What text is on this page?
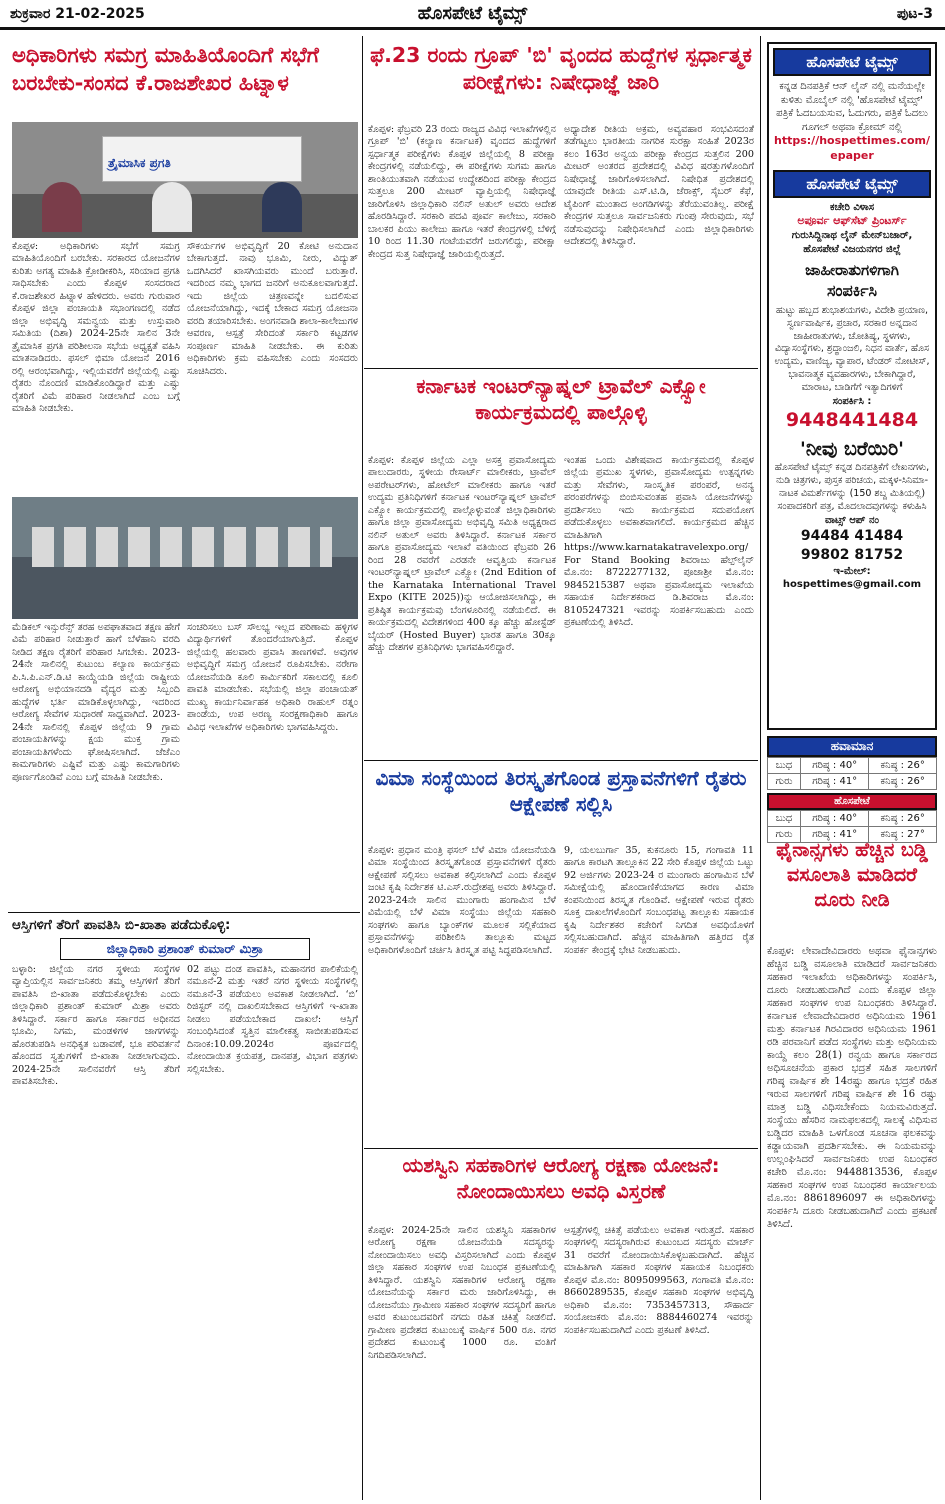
ಹೊಸಪೇಟೆ ಟೈಮ್ಸ್
ಶುಕ್ರವಾರ 21-02-2025	ಪುಟ-3
ಅಧಿಕಾರಿಗಳು ಸಮಗ್ರ ಮಾಹಿತಿಯೊಂದಿಗೆ ಸಭೆಗೆ ಬರಬೇಕು-ಸಂಸದ ಕೆ.ರಾಜಶೇಖರ ಹಿಟ್ನಾಳ
ತ್ರೈಮಾಸಿಕ ಪ್ರಗತಿ
ಕೊಪ್ಪಳ: ಅಧಿಕಾರಿಗಳು ಸಭೆಗೆ ಸಮಗ್ರ ಮಾಹಿತಿಯೊಂದಿಗೆ ಬರಬೇಕು. ಸರಕಾರದ ಯೋಜನೆಗಳ ಕುರಿತು ಅಗತ್ಯ ಮಾಹಿತಿ ಕ್ರೋಡೀಕರಿಸಿ, ಸರಿಯಾದ ಪ್ರಗತಿ ಸಾಧಿಸಬೇಕು ಎಂದು ಕೊಪ್ಪಳ ಸಂಸದರಾದ ಕೆ.ರಾಜಶೇಖರ ಹಿಟ್ನಾಳ ಹೇಳಿದರು. ಅವರು ಗುರುವಾರ ಕೊಪ್ಪಳ ಜಿಲ್ಲಾ ಪಂಚಾಯತಿ ಸಭಾಂಗಣದಲ್ಲಿ ನಡೆದ ಜಿಲ್ಲಾ ಅಭಿವೃದ್ಧಿ ಸಮನ್ವಯ ಮತ್ತು ಉಸ್ತುವಾರಿ ಸಮಿತಿಯ (ದಿಶಾ) 2024-25ನೇ ಸಾಲಿನ 3ನೇ ತ್ರೈಮಾಸಿಕ ಪ್ರಗತಿ ಪರಿಶೀಲನಾ ಸಭೆಯ ಅಧ್ಯಕ್ಷತೆ ವಹಿಸಿ ಮಾತನಾಡಿದರು. ಫಸಲ್ ಭಿಮಾ ಯೋಜನೆ 2016 ರಲ್ಲಿ ಆರಂಭವಾಗಿದ್ದು, ಇಲ್ಲಿಯವರೆಗೆ ಜಿಲ್ಲೆಯಲ್ಲಿ ಎಷ್ಟು ರೈತರು ನೊಂದಣಿ ಮಾಡಿಕೊಂಡಿದ್ದಾರೆ ಮತ್ತು ಎಷ್ಟು ರೈತರಿಗೆ ವಿಮೆ ಪರಿಹಾರ ನೀಡಲಾಗಿದೆ ಎಂಬ ಬಗ್ಗೆ ಮಾಹಿತಿ ನೀಡಬೇಕು.
ಸೌಕರ್ಯಗಳ ಅಭಿವೃದ್ಧಿಗೆ 20 ಕೋಟಿ ಅನುದಾನ ಬೇಕಾಗುತ್ತದೆ. ನಾವು ಭೂಮಿ, ನೀರು, ವಿದ್ಯುತ್ ಒದಗಿಸಿದರೆ ಖಾಸಗಿಯವರು ಮುಂದೆ ಬರುತ್ತಾರೆ. ಇದರಿಂದ ನಮ್ಮ ಭಾಗದ ಜನರಿಗೆ ಅನುಕೂಲವಾಗುತ್ತದೆ. ಇದು ಜಿಲ್ಲೆಯ ಚಿತ್ರಣವನ್ನೇ ಬದಲಿಸುವ ಯೋಜನೆಯಾಗಿದ್ದು, ಇದಕ್ಕೆ ಬೇಕಾದ ಸಮಗ್ರ ಯೋಜನಾ ವರದಿ ತಯಾರಿಸಬೇಕು. ಅಂಗನವಾಡಿ ಶಾಲಾ-ಕಾಲೇಜುಗಳ ಆವರಣ, ಆಸ್ಪತ್ರೆ ಸೇರಿದಂತೆ ಸರ್ಕಾರಿ ಕಟ್ಟಡಗಳ ಸಂಪೂರ್ಣ ಮಾಹಿತಿ ನೀಡಬೇಕು. ಈ ಕುರಿತು ಅಧಿಕಾರಿಗಳು ಕ್ರಮ ವಹಿಸಬೇಕು ಎಂದು ಸಂಸದರು ಸೂಚಿಸಿದರು.
ಮೆಡಿಕಲ್ ಇನ್ಸುರೆನ್ಸ್ ತರಹ ಅಪಘಾತವಾದ ತಕ್ಷಣ ಹೇಗೆ ವಿಮೆ ಪರಿಹಾರ ನೀಡುತ್ತಾರೆ ಹಾಗೆ ಬೆಳೆಹಾನಿ ವರದಿ ನೀಡಿದ ತಕ್ಷಣ ರೈತರಿಗೆ ಪರಿಹಾರ ಸಿಗಬೇಕು. 2023-24ನೇ ಸಾಲಿನಲ್ಲಿ ಕುಟುಂಬ ಕಲ್ಯಾಣ ಕಾರ್ಯಕ್ರಮ ಪಿ.ಸಿ.ಪಿ.ಎನ್.ಡಿ.ಟಿ ಕಾಯ್ದೆಯಡಿ ಜಿಲ್ಲೆಯ ರಾಷ್ಟ್ರೀಯ ಆರೋಗ್ಯ ಅಭಿಯಾನದಡಿ ವೈದ್ಯರ ಮತ್ತು ಸಿಬ್ಬಂದಿ ಹುದ್ದೆಗಳ ಭರ್ತಿ ಮಾಡಿಕೊಳ್ಳಲಾಗಿದ್ದು, ಇದರಿಂದ ಆರೋಗ್ಯ ಸೇವೆಗಳ ಸುಧಾರಣೆ ಸಾಧ್ಯವಾಗಿದೆ. 2023-24ನೇ ಸಾಲಿನಲ್ಲಿ ಕೊಪ್ಪಳ ಜಿಲ್ಲೆಯ 9 ಗ್ರಾಮ ಪಂಚಾಯತಿಗಳನ್ನು ಕ್ಷಯ ಮುಕ್ತ ಗ್ರಾಮ ಪಂಚಾಯತಿಗಳೆಂದು ಘೋಷಿಸಲಾಗಿದೆ. ಜೆಜೆಎಂ ಕಾಮಗಾರಿಗಳು ಎಷ್ಟಿವೆ ಮತ್ತು ಎಷ್ಟು ಕಾಮಗಾರಿಗಳು ಪೂರ್ಣಗೊಂಡಿವೆ ಎಂಬ ಬಗ್ಗೆ ಮಾಹಿತಿ ನೀಡಬೇಕು.
ಸಂಚರಿಸಲು ಬಸ್ ಸೌಲಭ್ಯ ಇಲ್ಲದ ಪರಿಣಾಮ ಹಳ್ಳಿಗಳ ವಿದ್ಯಾರ್ಥಿಗಳಿಗೆ ತೊಂದರೆಯಾಗುತ್ತಿದೆ. ಕೊಪ್ಪಳ ಜಿಲ್ಲೆಯಲ್ಲಿ ಹಲವಾರು ಪ್ರವಾಸಿ ತಾಣಗಳಿವೆ. ಅವುಗಳ ಅಭಿವೃದ್ಧಿಗೆ ಸಮಗ್ರ ಯೋಜನೆ ರೂಪಿಸಬೇಕು. ನರೇಗಾ ಯೋಜನೆಯಡಿ ಕೂಲಿ ಕಾರ್ಮಿಕರಿಗೆ ಸಕಾಲದಲ್ಲಿ ಕೂಲಿ ಪಾವತಿ ಮಾಡಬೇಕು. ಸಭೆಯಲ್ಲಿ ಜಿಲ್ಲಾ ಪಂಚಾಯತ್ ಮುಖ್ಯ ಕಾರ್ಯನಿರ್ವಾಹಕ ಅಧಿಕಾರಿ ರಾಹುಲ್ ರತ್ನಂ ಪಾಂಡೆಯ, ಉಪ ಅರಣ್ಯ ಸಂರಕ್ಷಣಾಧಿಕಾರಿ ಹಾಗೂ ವಿವಿಧ ಇಲಾಖೆಗಳ ಅಧಿಕಾರಿಗಳು ಭಾಗವಹಿಸಿದ್ದರು.
ಆಸ್ತಿಗಳಿಗೆ ತೆರಿಗೆ ಪಾವತಿಸಿ ಬಿ-ಖಾತಾ ಪಡೆದುಕೊಳ್ಳಿ:
ಜಿಲ್ಲಾಧಿಕಾರಿ ಪ್ರಶಾಂತ್ ಕುಮಾರ್ ಮಿಶ್ರಾ
ಬಳ್ಳಾರಿ: ಜಿಲ್ಲೆಯ ನಗರ ಸ್ಥಳೀಯ ಸಂಸ್ಥೆಗಳ ವ್ಯಾಪ್ತಿಯಲ್ಲಿನ ಸಾರ್ವಜನಿಕರು ತಮ್ಮ ಆಸ್ತಿಗಳಿಗೆ ತೆರಿಗೆ ಪಾವತಿಸಿ ಬಿ-ಖಾತಾ ಪಡೆದುಕೊಳ್ಳಬೇಕು ಎಂದು ಜಿಲ್ಲಾಧಿಕಾರಿ ಪ್ರಶಾಂತ್ ಕುಮಾರ್ ಮಿಶ್ರಾ ಅವರು ತಿಳಿಸಿದ್ದಾರೆ. ಸರ್ಕಾರ ಹಾಗೂ ಸರ್ಕಾರದ ಅಧೀನದ ಭೂಮಿ, ನಿಗಮ, ಮಂಡಳಿಗಳ ಜಾಗಗಳನ್ನು ಹೊರತುಪಡಿಸಿ ಅನಧಿಕೃತ ಬಡಾವಣೆ, ಭೂ ಪರಿವರ್ತನೆ ಹೊಂದದ ಸ್ವತ್ತುಗಳಿಗೆ ಬಿ-ಖಾತಾ ನೀಡಲಾಗುವುದು. 2024-25ನೇ ಸಾಲಿನವರೆಗೆ ಆಸ್ತಿ ತೆರಿಗೆ ಪಾವತಿಸಬೇಕು.
02 ಪಟ್ಟು ದಂಡ ಪಾವತಿಸಿ, ಮಹಾನಗರ ಪಾಲಿಕೆಯಲ್ಲಿ ನಮೂನೆ-2 ಮತ್ತು ಇತರೆ ನಗರ ಸ್ಥಳೀಯ ಸಂಸ್ಥೆಗಳಲ್ಲಿ ನಮೂನೆ-3 ಪಡೆಯಲು ಅವಕಾಶ ನೀಡಲಾಗಿದೆ. ‘ಬಿ’ ರಿಜಿಸ್ಟರ್ ನಲ್ಲಿ ದಾಖಲಿಸಬೇಕಾದ ಆಸ್ತಿಗಳಿಗೆ ಇ-ಖಾತಾ ನೀಡಲು ಪಡೆಯಬೇಕಾದ ದಾಖಲೆ: ಆಸ್ತಿಗೆ ಸಂಬಂಧಿಸಿದಂತೆ ಸ್ವತ್ತಿನ ಮಾಲೀಕತ್ವ ಸಾಬೀತುಪಡಿಸುವ ದಿನಾಂಕ:10.09.2024ರ ಪೂರ್ವದಲ್ಲಿ ನೋಂದಾಯಿತ ಕ್ರಯಪತ್ರ, ದಾನಪತ್ರ, ವಿಭಾಗ ಪತ್ರಗಳು ಸಲ್ಲಿಸಬೇಕು.
ಫೆ.23 ರಂದು ಗ್ರೂಪ್ 'ಬಿ' ವೃಂದದ ಹುದ್ದೆಗಳ ಸ್ಪರ್ಧಾತ್ಮಕ ಪರೀಕ್ಷೆಗಳು: ನಿಷೇಧಾಜ್ಞೆ ಜಾರಿ
ಕೊಪ್ಪಳ: ಫೆಬ್ರವರಿ 23 ರಂದು ರಾಜ್ಯದ ವಿವಿಧ ಇಲಾಖೆಗಳಲ್ಲಿನ ಗ್ರೂಪ್ 'ಬಿ' (ಕಲ್ಯಾಣ ಕರ್ನಾಟಕ) ವೃಂದದ ಹುದ್ದೆಗಳಿಗೆ ಸ್ಪರ್ಧಾತ್ಮಕ ಪರೀಕ್ಷೆಗಳು ಕೊಪ್ಪಳ ಜಿಲ್ಲೆಯಲ್ಲಿ 8 ಪರೀಕ್ಷಾ ಕೇಂದ್ರಗಳಲ್ಲಿ ನಡೆಯಲಿದ್ದು, ಈ ಪರೀಕ್ಷೆಗಳು ಸುಗಮ ಹಾಗೂ ಶಾಂತಿಯುತವಾಗಿ ನಡೆಯುವ ಉದ್ದೇಶದಿಂದ ಪರೀಕ್ಷಾ ಕೇಂದ್ರದ ಸುತ್ತಲೂ 200 ಮೀಟರ್ ವ್ಯಾಪ್ತಿಯಲ್ಲಿ ನಿಷೇಧಾಜ್ಞೆ ಜಾರಿಗೊಳಿಸಿ ಜಿಲ್ಲಾಧಿಕಾರಿ ನಲಿನ್ ಅತುಲ್ ಅವರು ಆದೇಶ ಹೊರಡಿಸಿದ್ದಾರೆ. ಸರಕಾರಿ ಪದವಿ ಪೂರ್ವ ಕಾಲೇಜು, ಸರಕಾರಿ ಬಾಲಕರ ಪಿಯು ಕಾಲೇಜು ಹಾಗೂ ಇತರೆ ಕೇಂದ್ರಗಳಲ್ಲಿ ಬೆಳಿಗ್ಗೆ 10 ರಿಂದ 11.30 ಗಂಟೆಯವರೆಗೆ ಜರುಗಲಿದ್ದು, ಪರೀಕ್ಷಾ ಕೇಂದ್ರದ ಸುತ್ತ ನಿಷೇಧಾಜ್ಞೆ ಜಾರಿಯಲ್ಲಿರುತ್ತದೆ.
ಅಧ್ಯಾದೇಶ ರೀತಿಯ ಅಕ್ರಮ, ಅವ್ಯವಹಾರ ಸಂಭವಿಸದಂತೆ ತಡೆಗಟ್ಟಲು ಭಾರತೀಯ ನಾಗರಿಕ ಸುರಕ್ಷಾ ಸಂಹಿತೆ 2023ರ ಕಲಂ 163ರ ಅನ್ವಯ ಪರೀಕ್ಷಾ ಕೇಂದ್ರದ ಸುತ್ತಲಿನ 200 ಮೀಟರ್ ಅಂತರದ ಪ್ರದೇಶದಲ್ಲಿ ವಿವಿಧ ಷರತ್ತುಗಳೊಂದಿಗೆ ನಿಷೇಧಾಜ್ಞೆ ಜಾರಿಗೊಳಿಸಲಾಗಿದೆ. ನಿಷೇಧಿತ ಪ್ರದೇಶದಲ್ಲಿ ಯಾವುದೇ ರೀತಿಯ ಎಸ್.ಟಿ.ಡಿ, ಜೆರಾಕ್ಸ್, ಸೈಬರ್ ಕೆಫೆ, ಟೈಪಿಂಗ್ ಮುಂತಾದ ಅಂಗಡಿಗಳನ್ನು ತೆರೆಯುವಂತಿಲ್ಲ. ಪರೀಕ್ಷೆ ಕೇಂದ್ರಗಳ ಸುತ್ತಲೂ ಸಾರ್ವಜನಿಕರು ಗುಂಪು ಸೇರುವುದು, ಸಭೆ ನಡೆಸುವುದನ್ನು ನಿಷೇಧಿಸಲಾಗಿದೆ ಎಂದು ಜಿಲ್ಲಾಧಿಕಾರಿಗಳು ಆದೇಶದಲ್ಲಿ ತಿಳಿಸಿದ್ದಾರೆ.
ಕರ್ನಾಟಕ ಇಂಟರ್‌ನ್ಯಾಷ್ನಲ್ ಟ್ರಾವೆಲ್ ಎಕ್ಸ್ಪೋ ಕಾರ್ಯಕ್ರಮದಲ್ಲಿ ಪಾಲ್ಗೊಳ್ಳಿ
ಕೊಪ್ಪಳ: ಕೊಪ್ಪಳ ಜಿಲ್ಲೆಯ ಎಲ್ಲಾ ಅಸಕ್ತ ಪ್ರವಾಸೋದ್ಯಮ ಪಾಲುದಾರರು, ಸ್ಥಳೀಯ ರೇಸಾರ್ಟ್ ಮಾಲೀಕರು, ಟ್ರಾವೆಲ್ ಅಪರೇಟರ್‌ಗಳು, ಹೋಟೆಲ್ ಮಾಲೀಕರು ಹಾಗೂ ಇತರೆ ಉದ್ಯಮ ಪ್ರತಿನಿಧಿಗಳಿಗೆ ಕರ್ನಾಟಕ ಇಂಟರ್‌ನ್ಯಾಷ್ನಲ್ ಟ್ರಾವೆಲ್ ಎಕ್ಸ್ಪೋ ಕಾರ್ಯಕ್ರಮದಲ್ಲಿ ಪಾಲ್ಗೊಳ್ಳುವಂತೆ ಜಿಲ್ಲಾಧಿಕಾರಿಗಳು ಹಾಗೂ ಜಿಲ್ಲಾ ಪ್ರವಾಸೋದ್ಯಮ ಅಭಿವೃದ್ಧಿ ಸಮಿತಿ ಅಧ್ಯಕ್ಷರಾದ ನಲಿನ್ ಅತುಲ್ ಅವರು ತಿಳಿಸಿದ್ದಾರೆ. ಕರ್ನಾಟಕ ಸರ್ಕಾರ ಹಾಗೂ ಪ್ರವಾಸೋದ್ಯಮ ಇಲಾಖೆ ವತಿಯಿಂದ ಫೆಬ್ರವರಿ 26 ರಿಂದ 28 ರವರೆಗೆ ಎರಡನೇ ಆವೃತ್ತಿಯ ಕರ್ನಾಟಕ ಇಂಟರ್‌ನ್ಯಾಷ್ನಲ್ ಟ್ರಾವೆಲ್ ಎಕ್ಸ್ಪೋ (2nd Edition of the Karnataka International Travel Expo (KITE 2025))ನ್ನು ಆಯೋಜಿಸಲಾಗಿದ್ದು, ಈ ಪ್ರತಿಷ್ಠಿತ ಕಾರ್ಯಕ್ರಮವು ಬೆಂಗಳೂರಿನಲ್ಲಿ ನಡೆಯಲಿದೆ. ಈ ಕಾರ್ಯಕ್ರಮದಲ್ಲಿ ವಿದೇಶಗಳಿಂದ 400 ಕ್ಕೂ ಹೆಚ್ಚು ಹೋಸ್ಟೆಡ್ ಬೈಯರ್ (Hosted Buyer) ಭಾರತ ಹಾಗೂ 30ಕ್ಕೂ ಹೆಚ್ಚು ದೇಶಗಳ ಪ್ರತಿನಿಧಿಗಳು ಭಾಗವಹಿಸಲಿದ್ದಾರೆ.
ಇಂತಹ ಒಂದು ವಿಶೇಷವಾದ ಕಾರ್ಯಕ್ರಮದಲ್ಲಿ ಕೊಪ್ಪಳ ಜಿಲ್ಲೆಯ ಪ್ರಮುಖ ಸ್ಥಳಗಳು, ಪ್ರವಾಸೋದ್ಯಮ ಉತ್ಪನ್ನಗಳು ಮತ್ತು ಸೇವೆಗಳು, ಸಾಂಸ್ಕೃತಿಕ ಪರಂಪರೆ, ಅನನ್ಯ ಪರಂಪರೆಗಳನ್ನು ಬಿಂಬಿಸುವಂತಹ ಪ್ರವಾಸಿ ಯೋಜನೆಗಳನ್ನು ಪ್ರದರ್ಶಿಸಲು ಇದು ಕಾರ್ಯಕ್ರಮದ ಸದುಪಯೋಗ ಪಡೆದುಕೊಳ್ಳಲು ಅವಕಾಶವಾಗಲಿದೆ. ಕಾರ್ಯಕ್ರಮದ ಹೆಚ್ಚಿನ ಮಾಹಿತಿಗಾಗಿ https://www.karnatakatravelexpo.org/ For Stand Booking ಶಿವರಾಜು ಹೆಲ್ಪ್‌ಲೈನ್ ಮೊ.ನಂ: 8722277132, ಪೂಜಾಶ್ರೀ ಮೊ.ನಂ: 9845215387 ಅಥವಾ ಪ್ರವಾಸೋದ್ಯಮ ಇಲಾಖೆಯ ಸಹಾಯಕ ನಿರ್ದೇಶಕರಾದ ಡಿ.ಶಿವರಾಜ ಮೊ.ನಂ: 8105247321 ಇವರನ್ನು ಸಂಪರ್ಕಿಸಬಹುದು ಎಂದು ಪ್ರಕಟಣೆಯಲ್ಲಿ ತಿಳಿಸಿದೆ.
ವಿಮಾ ಸಂಸ್ಥೆಯಿಂದ ತಿರಸ್ಕೃತಗೊಂಡ ಪ್ರಸ್ತಾವನೆಗಳಿಗೆ ರೈತರು ಆಕ್ಷೇಪಣೆ ಸಲ್ಲಿಸಿ
ಕೊಪ್ಪಳ: ಪ್ರಧಾನ ಮಂತ್ರಿ ಫಸಲ್ ಬೆಳೆ ವಿಮಾ ಯೋಜನೆಯಡಿ ವಿಮಾ ಸಂಸ್ಥೆಯಿಂದ ತಿರಸ್ಕೃತಗೊಂಡ ಪ್ರಸ್ತಾವನೆಗಳಿಗೆ ರೈತರು ಆಕ್ಷೇಪಣೆ ಸಲ್ಲಿಸಲು ಅವಕಾಶ ಕಲ್ಪಿಸಲಾಗಿದೆ ಎಂದು ಕೊಪ್ಪಳ ಜಂಟಿ ಕೃಷಿ ನಿರ್ದೇಶಕ ಟಿ.ಎಸ್.ರುದ್ರೇಶಪ್ಪ ಅವರು ತಿಳಿಸಿದ್ದಾರೆ. 2023-24ನೇ ಸಾಲಿನ ಮುಂಗಾರು ಹಂಗಾಮಿನ ಬೆಳೆ ವಿಮೆಯಲ್ಲಿ ಬೆಳೆ ವಿಮಾ ಸಂಸ್ಥೆಯು ಜಿಲ್ಲೆಯ ಸಹಕಾರಿ ಸಂಘಗಳು ಹಾಗೂ ಬ್ಯಾಂಕ್‌ಗಳ ಮೂಲಕ ಸಲ್ಲಿಕೆಯಾದ ಪ್ರಸ್ತಾವನೆಗಳನ್ನು ಪರಿಶೀಲಿಸಿ ತಾಲ್ಲೂಕು ಮಟ್ಟದ ಅಧಿಕಾರಿಗಳೊಂದಿಗೆ ಚರ್ಚಿಸಿ ತಿರಸ್ಕೃತ ಪಟ್ಟಿ ಸಿದ್ಧಪಡಿಸಲಾಗಿದೆ.
9, ಯಲಬುರ್ಗಾ 35, ಕುಕನೂರು 15, ಗಂಗಾವತಿ 11 ಹಾಗೂ ಕಾರಟಗಿ ತಾಲ್ಲೂಕಿನ 22 ಸೇರಿ ಕೊಪ್ಪಳ ಜಿಲ್ಲೆಯ ಒಟ್ಟು 92 ಅರ್ಜಿಗಳು 2023-24 ರ ಮುಂಗಾರು ಹಂಗಾಮಿನ ಬೆಳೆ ಸಮೀಕ್ಷೆಯಲ್ಲಿ ಹೊಂದಾಣಿಕೆಯಾಗದ ಕಾರಣ ವಿಮಾ ಕಂಪನಿಯಿಂದ ತಿರಸ್ಕೃತ ಗೊಂಡಿವೆ. ಆಕ್ಷೇಪಣೆ ಇರುವ ರೈತರು ಸೂಕ್ತ ದಾಖಲೆಗಳೊಂದಿಗೆ ಸಂಬಂಧಪಟ್ಟ ತಾಲ್ಲೂಕು ಸಹಾಯಕ ಕೃಷಿ ನಿರ್ದೇಶಕರ ಕಚೇರಿಗೆ ನಿಗದಿತ ಅವಧಿಯೊಳಗೆ ಸಲ್ಲಿಸಬಹುದಾಗಿದೆ. ಹೆಚ್ಚಿನ ಮಾಹಿತಿಗಾಗಿ ಹತ್ತಿರದ ರೈತ ಸಂಪರ್ಕ ಕೇಂದ್ರಕ್ಕೆ ಭೇಟಿ ನೀಡಬಹುದು.
ಯಶಸ್ವಿನಿ ಸಹಕಾರಿಗಳ ಆರೋಗ್ಯ ರಕ್ಷಣಾ ಯೋಜನೆ: ನೋಂದಾಯಿಸಲು ಅವಧಿ ವಿಸ್ತರಣೆ
ಕೊಪ್ಪಳ: 2024-25ನೇ ಸಾಲಿನ ಯಶಸ್ವಿನಿ ಸಹಕಾರಿಗಳ ಆರೋಗ್ಯ ರಕ್ಷಣಾ ಯೋಜನೆಯಡಿ ಸದಸ್ಯರನ್ನು ನೋಂದಾಯಿಸಲು ಅವಧಿ ವಿಸ್ತರಿಸಲಾಗಿದೆ ಎಂದು ಕೊಪ್ಪಳ ಜಿಲ್ಲಾ ಸಹಕಾರ ಸಂಘಗಳ ಉಪ ನಿಬಂಧಕ ಪ್ರಕಟಣೆಯಲ್ಲಿ ತಿಳಿಸಿದ್ದಾರೆ. ಯಶಸ್ವಿನಿ ಸಹಕಾರಿಗಳ ಆರೋಗ್ಯ ರಕ್ಷಣಾ ಯೋಜನೆಯನ್ನು ಸರ್ಕಾರ ಮರು ಜಾರಿಗೊಳಿಸಿದ್ದು, ಈ ಯೋಜನೆಯು ಗ್ರಾಮೀಣ ಸಹಕಾರ ಸಂಘಗಳ ಸದಸ್ಯರಿಗೆ ಹಾಗೂ ಅವರ ಕುಟುಂಬದವರಿಗೆ ನಗದು ರಹಿತ ಚಿಕಿತ್ಸೆ ನೀಡಲಿದೆ. ಗ್ರಾಮೀಣ ಪ್ರದೇಶದ ಕುಟುಂಬಕ್ಕೆ ವಾರ್ಷಿಕ 500 ರೂ. ನಗರ ಪ್ರದೇಶದ ಕುಟುಂಬಕ್ಕೆ 1000 ರೂ. ವಂತಿಗೆ ನಿಗದಿಪಡಿಸಲಾಗಿದೆ.
ಆಸ್ಪತ್ರೆಗಳಲ್ಲಿ ಚಿಕಿತ್ಸೆ ಪಡೆಯಲು ಅವಕಾಶ ಇರುತ್ತದೆ. ಸಹಕಾರ ಸಂಘಗಳಲ್ಲಿ ಸದಸ್ಯರಾಗಿರುವ ಕುಟುಂಬದ ಸದಸ್ಯರು ಮಾರ್ಚ್ 31 ರವರೆಗೆ ನೋಂದಾಯಿಸಿಕೊಳ್ಳಬಹುದಾಗಿದೆ. ಹೆಚ್ಚಿನ ಮಾಹಿತಿಗಾಗಿ ಸಹಕಾರ ಸಂಘಗಳ ಸಹಾಯಕ ನಿಬಂಧಕರು ಕೊಪ್ಪಳ ಮೊ.ನಂ: 8095099563, ಗಂಗಾವತಿ ಮೊ.ನಂ: 8660289535, ಕೊಪ್ಪಳ ಸಹಕಾರಿ ಸಂಘಗಳ ಅಭಿವೃದ್ಧಿ ಅಧಿಕಾರಿ ಮೊ.ನಂ: 7353457313, ಸೌಹಾರ್ದ ಸಂಯೋಜಕರು ಮೊ.ನಂ: 8884460274 ಇವರನ್ನು ಸಂಪರ್ಕಿಸಬಹುದಾಗಿದೆ ಎಂದು ಪ್ರಕಟಣೆ ತಿಳಿಸಿದೆ.
ಹೊಸಪೇಟೆ ಟೈಮ್ಸ್
ಕನ್ನಡ ದಿನಪತ್ರಿಕೆ ಆನ್ ಲೈನ್ ನಲ್ಲಿ ಮನೆಯಲ್ಲೇ ಕುಳಿತು ಮೊಬೈಲ್ ನಲ್ಲಿ 'ಹೊಸಪೇಟೆ ಟೈಮ್ಸ್' ಪತ್ರಿಕೆ ಓದಬಯಸುವ, ಓದುಗರು, ಪತ್ರಿಕೆ ಓದಲು ಗೂಗಲ್ ಅಥವಾ ಕ್ರೋಮ್ ನಲ್ಲಿ
https://hospettimes.com/
epaper
ಹೊಸಪೇಟೆ ಟೈಮ್ಸ್
ಕಚೇರಿ ವಿಳಾಸ
ಅಪೂರ್ವ ಆಫ್‌ಸೆಟ್ ಪ್ರಿಂಟರ್ಸ್
ಗುರುಸಿದ್ದಿನಾಥ ಲೈನ್ ಮೇನ್‌ಬಜಾರ್, ಹೊಸಪೇಟೆ ವಿಜಯನಗರ ಜಿಲ್ಲೆ
ಜಾಹೀರಾತುಗಳಿಗಾಗಿ
ಸಂಪರ್ಕಿಸಿ
ಹುಟ್ಟು ಹಬ್ಬದ ಶುಭಾಶಯಗಳು, ವಿದೇಶಿ ಪ್ರಯಾಣ, ಸ್ವರ್ಣವಾರ್ಷಿಕ, ಪ್ರಚಾರ, ಸರಕಾರ ಅನ್ನದಾನ ಜಾಹೀರಾತುಗಳು, ಚೋತಿಷ್ಯ, ಸ್ಥಳಗಳು, ವಿದ್ಯಾಸಂಸ್ಥೆಗಳು, ಶ್ರದ್ಧಾಂಜಲಿ, ನಿಧನ ವಾರ್ತೆ, ಹೊಸ ಉದ್ಯಮ, ವಾಣಿಜ್ಯ, ವ್ಯಾಪಾರ, ಟೆಂಡರ್ ನೋಟೀಸ್, ಭಾವನಾತ್ಮಕ ವ್ಯವಹಾರಗಳು, ಬೇಕಾಗಿದ್ದಾರೆ, ಮಾರಾಟ, ಬಾಡಿಗೆಗೆ ಇತ್ಯಾದಿಗಳಿಗೆ
ಸಂಪರ್ಕಿಸಿ :
9448441484
'ನೀವು ಬರೆಯಿರಿ'
ಹೊಸಪೇಟೆ ಟೈಮ್ಸ್ ಕನ್ನಡ ದಿನಪತ್ರಿಕೆಗೆ ಲೇಖನಗಳು, ನುಡಿ ಚಿತ್ರಗಳು, ಪುಸ್ತಕ ಪರಿಚಯ, ಮಕ್ಕಳ-ಸಿನಿಮಾ-ನಾಟಕ ವಿಮರ್ಶೆಗಳನ್ನು (150 ಶಬ್ದ ಮಿತಿಯಲ್ಲಿ) ಸಂಪಾದಕರಿಗೆ ಪತ್ರ, ಮೊದಲಾದವುಗಳನ್ನು ಕಳುಹಿಸಿ
ವಾಟ್ಸ್ ಆಪ್ ನಂ
94484 41484
99802 81752
ಇ-ಮೇಲ್: hospettimes@gmail.com
ಹವಾಮಾನ
ಬುಧ	ಗರಿಷ್ಠ : 40°	ಕನಿಷ್ಠ : 26°
ಗುರು	ಗರಿಷ್ಠ : 41°	ಕನಿಷ್ಠ : 26°
ಹೊಸಪೇಟೆ
ಬುಧ	ಗರಿಷ್ಠ : 40°	ಕನಿಷ್ಠ : 26°
ಗುರು	ಗರಿಷ್ಠ : 41°	ಕನಿಷ್ಠ : 27°
ಫೈನಾನ್ಸಗಳು ಹೆಚ್ಚಿನ ಬಡ್ಡಿ ವಸೂಲಾತಿ ಮಾಡಿದರೆ ದೂರು ನೀಡಿ
ಕೊಪ್ಪಳ: ಲೇವಾದೇವಿದಾರರು ಅಥವಾ ಫೈನಾನ್ಸಗಳು ಹೆಚ್ಚಿನ ಬಡ್ಡಿ ವಸೂಲಾತಿ ಮಾಡಿದರೆ ಸಾರ್ವಜನಿಕರು ಸಹಕಾರ ಇಲಾಖೆಯ ಅಧಿಕಾರಿಗಳನ್ನು ಸಂಪರ್ಕಿಸಿ, ದೂರು ನೀಡಬಹುದಾಗಿದೆ ಎಂದು ಕೊಪ್ಪಳ ಜಿಲ್ಲಾ ಸಹಕಾರ ಸಂಘಗಳ ಉಪ ನಿಬಂಧಕರು ತಿಳಿಸಿದ್ದಾರೆ. ಕರ್ನಾಟಕ ಲೇವಾದೇವಿದಾರರ ಅಧಿನಿಯಮ 1961 ಮತ್ತು ಕರ್ನಾಟಕ ಗಿರವಿದಾರರ ಅಧಿನಿಯಮ 1961 ರಡಿ ಪರವಾನಿಗೆ ಪಡೆದ ಸಂಸ್ಥೆಗಳು ಮತ್ತು ಅಧಿನಿಯಮ ಕಾಯ್ದೆ ಕಲಂ 28(1) ರನ್ವಯ ಹಾಗೂ ಸರ್ಕಾರದ ಅಧಿಸೂಚನೆಯ ಪ್ರಕಾರ ಭದ್ರತೆ ಸಹಿತ ಸಾಲಗಳಿಗೆ ಗರಿಷ್ಠ ವಾರ್ಷಿಕ ಶೇ 14ರಷ್ಟು ಹಾಗೂ ಭದ್ರತೆ ರಹಿತ ಇರುವ ಸಾಲಗಳಿಗೆ ಗರಿಷ್ಠ ವಾರ್ಷಿಕ ಶೇ 16 ರಷ್ಟು ಮಾತ್ರ ಬಡ್ಡಿ ವಿಧಿಸಬೇಕೆಂದು ನಿಯಮವಿರುತ್ತದೆ. ಸಂಸ್ಥೆಯು ಹೆಸರಿನ ನಾಮಫಲಕದಲ್ಲಿ ಸಾಲಕ್ಕೆ ವಿಧಿಸುವ ಬಡ್ಡಿದರ ಮಾಹಿತಿ ಒಳಗೊಂಡ ಸೂಚನಾ ಫಲಕವನ್ನು ಕಡ್ಡಾಯವಾಗಿ ಪ್ರದರ್ಶಿಸಬೇಕು. ಈ ನಿಯಮವನ್ನು ಉಲ್ಲಂಘಿಸಿದರೆ ಸಾರ್ವಜನಿಕರು ಉಪ ನಿಬಂಧಕರ ಕಚೇರಿ ಮೊ.ನಂ: 9448813536, ಕೊಪ್ಪಳ ಸಹಕಾರ ಸಂಘಗಳ ಉಪ ನಿಬಂಧಕರ ಕಾರ್ಯಾಲಯ ಮೊ.ನಂ: 8861896097 ಈ ಅಧಿಕಾರಿಗಳನ್ನು ಸಂಪರ್ಕಿಸಿ ದೂರು ನೀಡಬಹುದಾಗಿದೆ ಎಂದು ಪ್ರಕಟಣೆ ತಿಳಿಸಿದೆ.
